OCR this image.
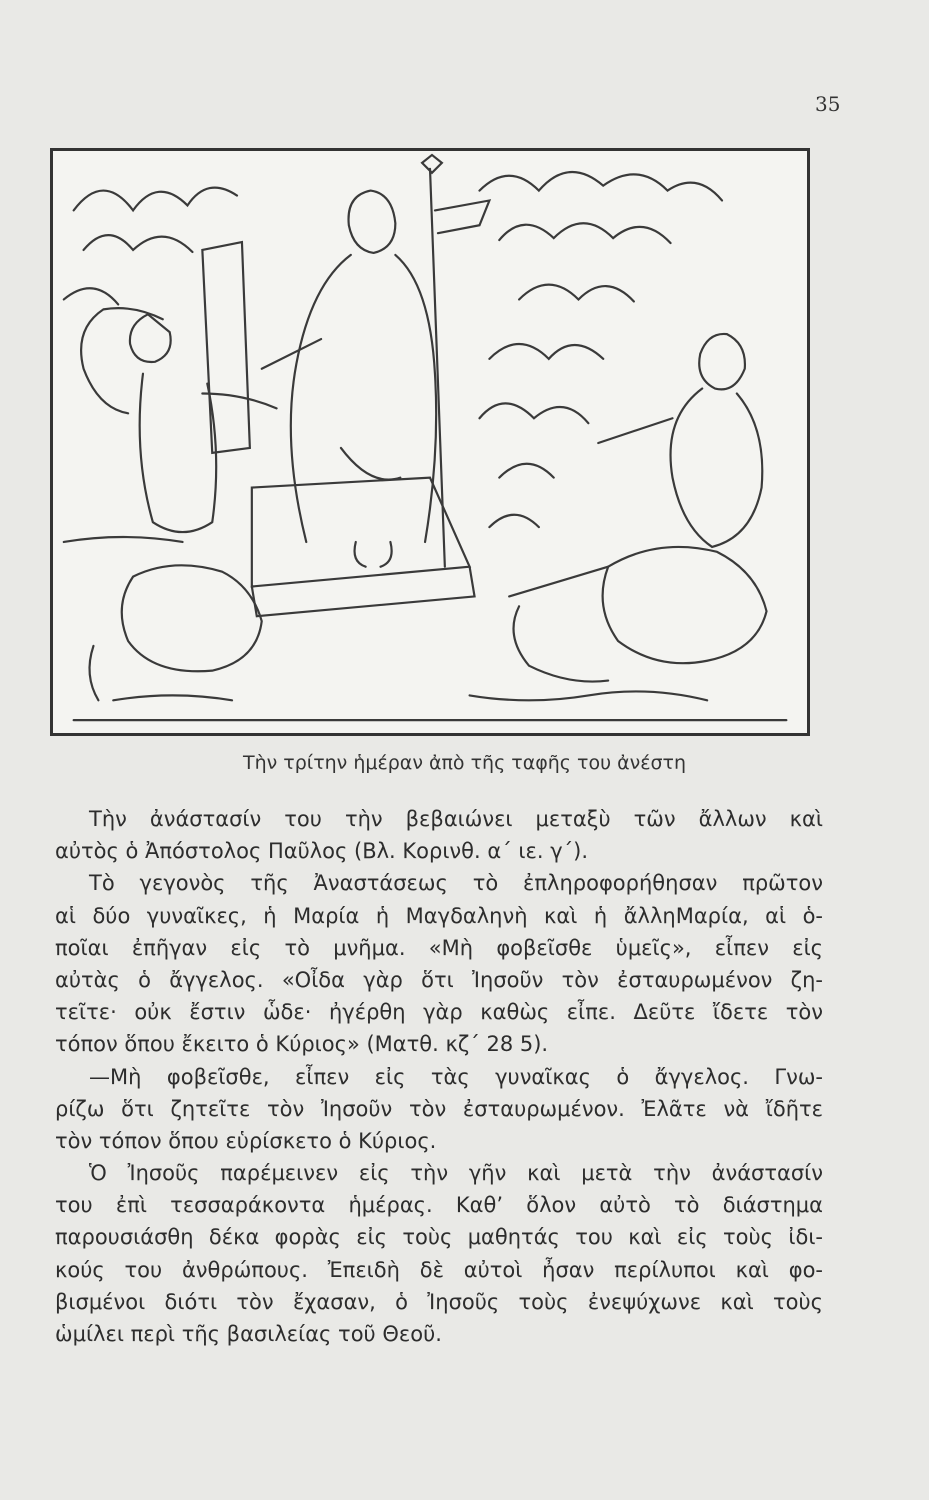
35
Τὴν τρίτην ἡμέραν ἀπὸ τῆς ταφῆς του ἀνέστη
Τὴν ἀνάστασίν του τὴν βεβαιώνει μεταξὺ τῶν ἄλλων καὶ
αὐτὸς ὁ Ἀπόστολος Παῦλος (Βλ. Κορινθ. α΄ ιε. γ΄).
Τὸ γεγονὸς τῆς Ἀναστάσεως τὸ ἐπληροφορήθησαν πρῶτον
αἱ δύο γυναῖκες, ἡ Μαρία ἡ Μαγδαληνὴ καὶ ἡ ἄλληΜαρία, αἱ ὁ-
ποῖαι ἐπῆγαν εἰς τὸ μνῆμα. «Μὴ φοβεῖσθε ὑμεῖς», εἶπεν εἰς
αὐτὰς ὁ ἄγγελος. «Οἶδα γὰρ ὅτι Ἰησοῦν τὸν ἐσταυρωμένον ζη-
τεῖτε· οὐκ ἔστιν ὧδε· ἠγέρθη γὰρ καθὼς εἶπε. Δεῦτε ἴδετε τὸν
τόπον ὅπου ἔκειτο ὁ Κύριος» (Ματθ. κζ΄ 28 5).
—Μὴ φοβεῖσθε, εἶπεν εἰς τὰς γυναῖκας ὁ ἄγγελος. Γνω-
ρίζω ὅτι ζητεῖτε τὸν Ἰησοῦν τὸν ἐσταυρωμένον. Ἐλᾶτε νὰ ἴδῆτε
τὸν τόπον ὅπου εὑρίσκετο ὁ Κύριος.
Ὁ Ἰησοῦς παρέμεινεν εἰς τὴν γῆν καὶ μετὰ τὴν ἀνάστασίν
του ἐπὶ τεσσαράκοντα ἡμέρας. Καθ’ ὅλον αὐτὸ τὸ διάστημα
παρουσιάσθη δέκα φορὰς εἰς τοὺς μαθητάς του καὶ εἰς τοὺς ἰδι-
κούς του ἀνθρώπους. Ἐπειδὴ δὲ αὐτοὶ ἦσαν περίλυποι καὶ φο-
βισμένοι διότι τὸν ἔχασαν, ὁ Ἰησοῦς τοὺς ἐνεψύχωνε καὶ τοὺς
ὡμίλει περὶ τῆς βασιλείας τοῦ Θεοῦ.
